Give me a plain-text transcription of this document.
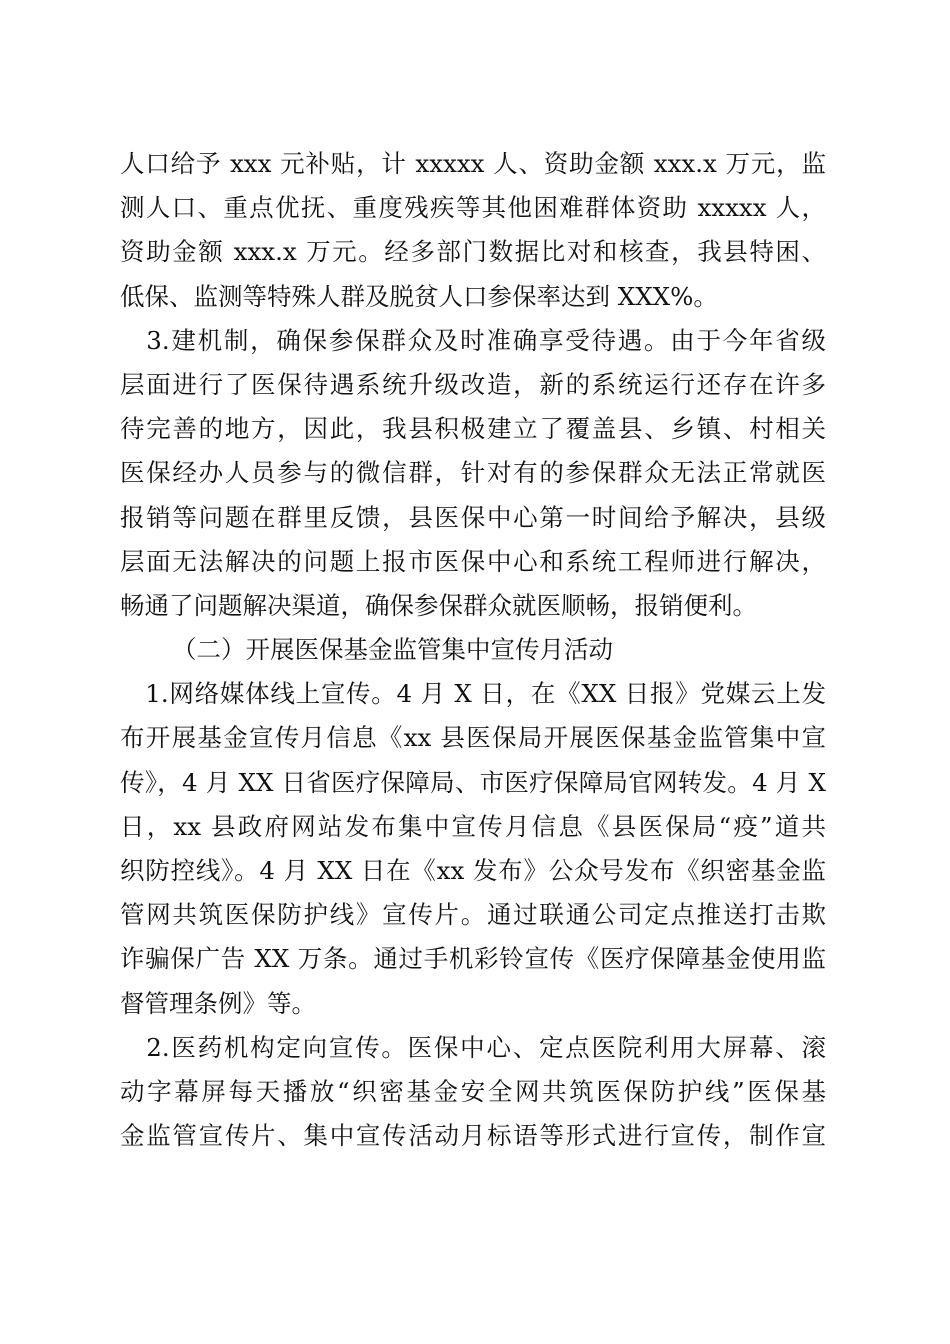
人口给予 xxx 元补贴，计 xxxxx 人、资助金额 xxx.x 万元，监
测人口、重点优抚、重度残疾等其他困难群体资助 xxxxx 人，
资助金额 xxx.x 万元。经多部门数据比对和核查，我县特困、
低保、监测等特殊人群及脱贫人口参保率达到 XXX%。
　3.建机制，确保参保群众及时准确享受待遇。由于今年省级
层面进行了医保待遇系统升级改造，新的系统运行还存在许多
待完善的地方，因此，我县积极建立了覆盖县、乡镇、村相关
医保经办人员参与的微信群，针对有的参保群众无法正常就医
报销等问题在群里反馈，县医保中心第一时间给予解决，县级
层面无法解决的问题上报市医保中心和系统工程师进行解决，
畅通了问题解决渠道，确保参保群众就医顺畅，报销便利。
（二）开展医保基金监管集中宣传月活动
　1.网络媒体线上宣传。4 月 X 日，在《XX 日报》党媒云上发
布开展基金宣传月信息《xx 县医保局开展医保基金监管集中宣
传》，4 月 XX 日省医疗保障局、市医疗保障局官网转发。4 月 X
日，xx 县政府网站发布集中宣传月信息《县医保局“疫”道共
织防控线》。4 月 XX 日在《xx 发布》公众号发布《织密基金监
管网共筑医保防护线》宣传片。通过联通公司定点推送打击欺
诈骗保广告 XX 万条。通过手机彩铃宣传《医疗保障基金使用监
督管理条例》等。
　2.医药机构定向宣传。医保中心、定点医院利用大屏幕、滚
动字幕屏每天播放“织密基金安全网共筑医保防护线”医保基
金监管宣传片、集中宣传活动月标语等形式进行宣传，制作宣
